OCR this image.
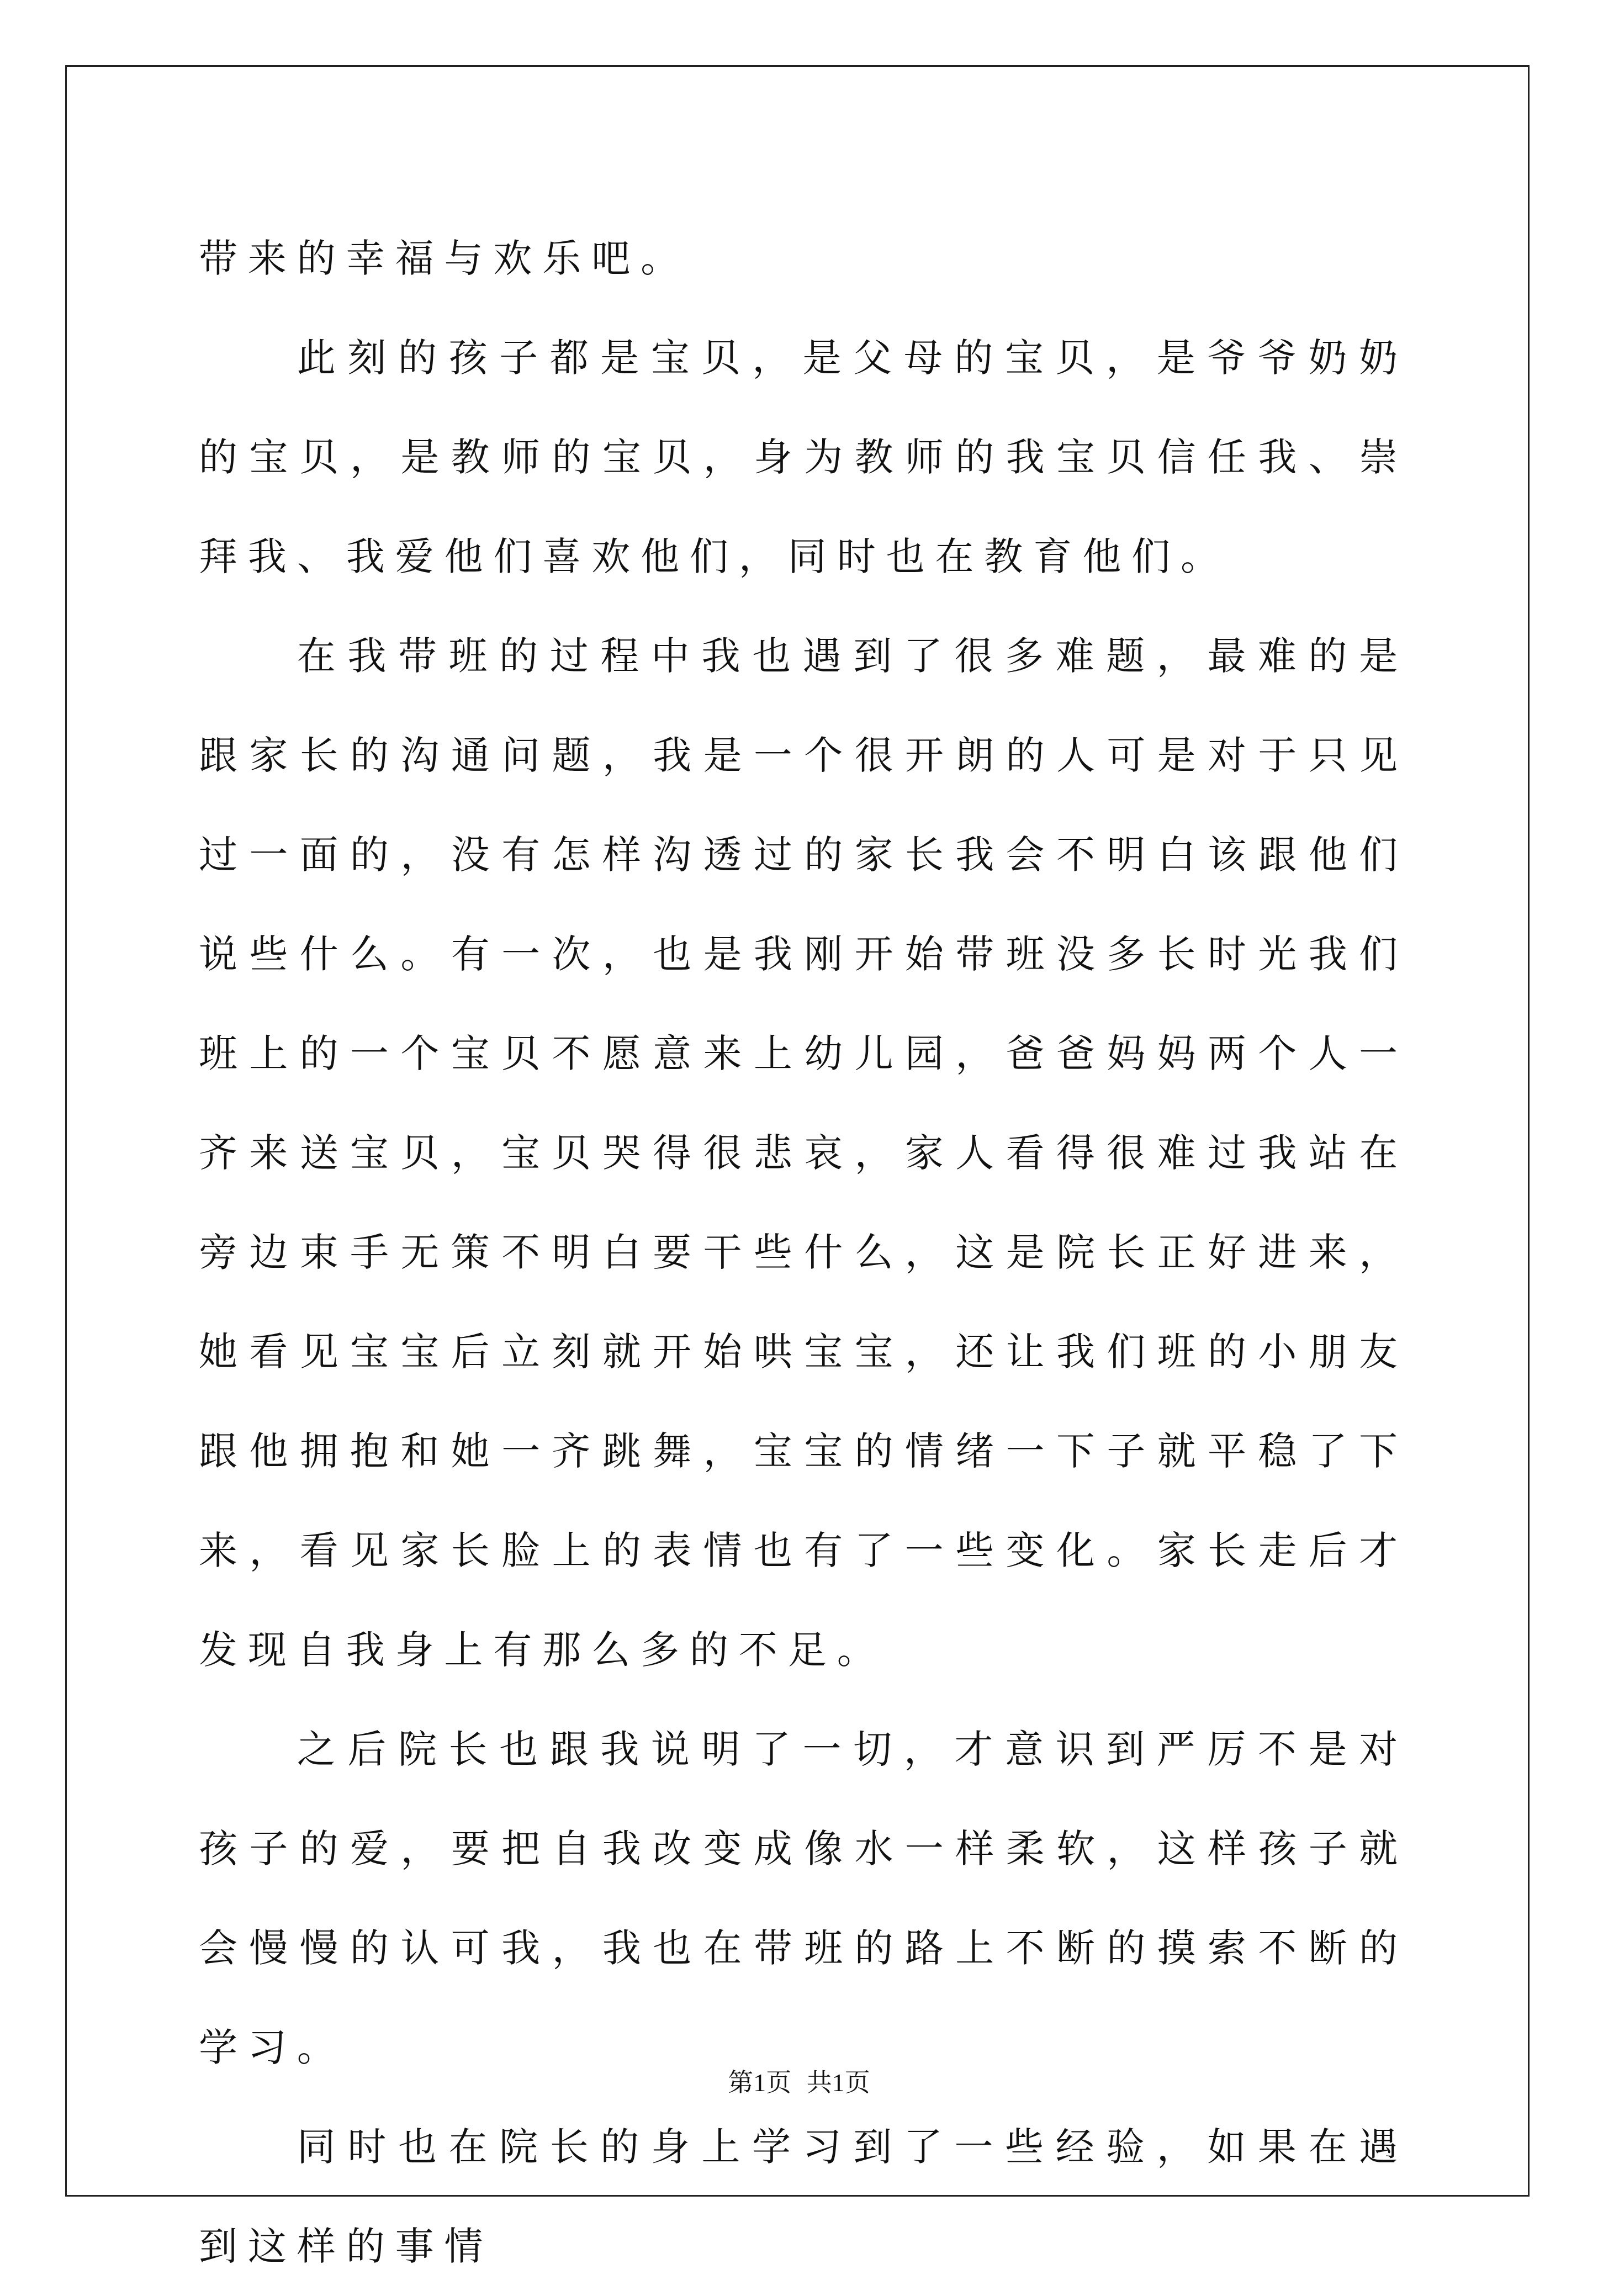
带来的幸福与欢乐吧。

此刻的孩子都是宝贝，是父母的宝贝，是爷爷奶奶的宝贝，是教师的宝贝，身为教师的我宝贝信任我、崇拜我、我爱他们喜欢他们，同时也在教育他们。

在我带班的过程中我也遇到了很多难题，最难的是跟家长的沟通问题，我是一个很开朗的人可是对于只见过一面的，没有怎样沟透过的家长我会不明白该跟他们说些什么。有一次，也是我刚开始带班没多长时光我们班上的一个宝贝不愿意来上幼儿园，爸爸妈妈两个人一齐来送宝贝，宝贝哭得很悲哀，家人看得很难过我站在旁边束手无策不明白要干些什么，这是院长正好进来，她看见宝宝后立刻就开始哄宝宝，还让我们班的小朋友跟他拥抱和她一齐跳舞，宝宝的情绪一下子就平稳了下来，看见家长脸上的表情也有了一些变化。家长走后才发现自我身上有那么多的不足。

之后院长也跟我说明了一切，才意识到严厉不是对孩子的爱，要把自我改变成像水一样柔软，这样孩子就会慢慢的认可我，我也在带班的路上不断的摸索不断的学习。

同时也在院长的身上学习到了一些经验，如果在遇到这样的事情

第1页 共1页
